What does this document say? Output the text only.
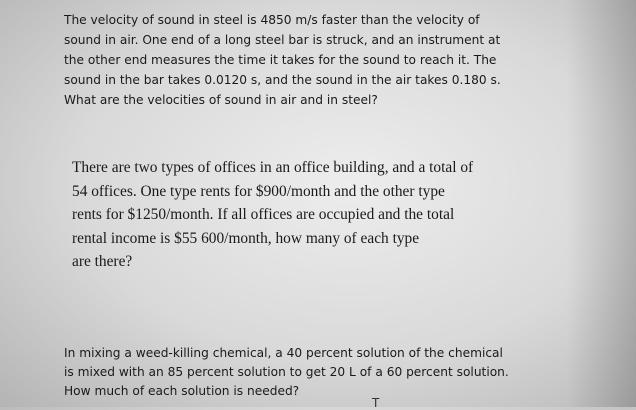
The velocity of sound in steel is 4850 m/s faster than the velocity of
sound in air. One end of a long steel bar is struck, and an instrument at
the other end measures the time it takes for the sound to reach it. The
sound in the bar takes 0.0120 s, and the sound in the air takes 0.180 s.
What are the velocities of sound in air and in steel?
There are two types of offices in an office building, and a total of
54 offices. One type rents for $900/month and the other type
rents for $1250/month. If all offices are occupied and the total
rental income is $55 600/month, how many of each type
are there?
In mixing a weed-killing chemical, a 40 percent solution of the chemical
is mixed with an 85 percent solution to get 20 L of a 60 percent solution.
How much of each solution is needed?
T
